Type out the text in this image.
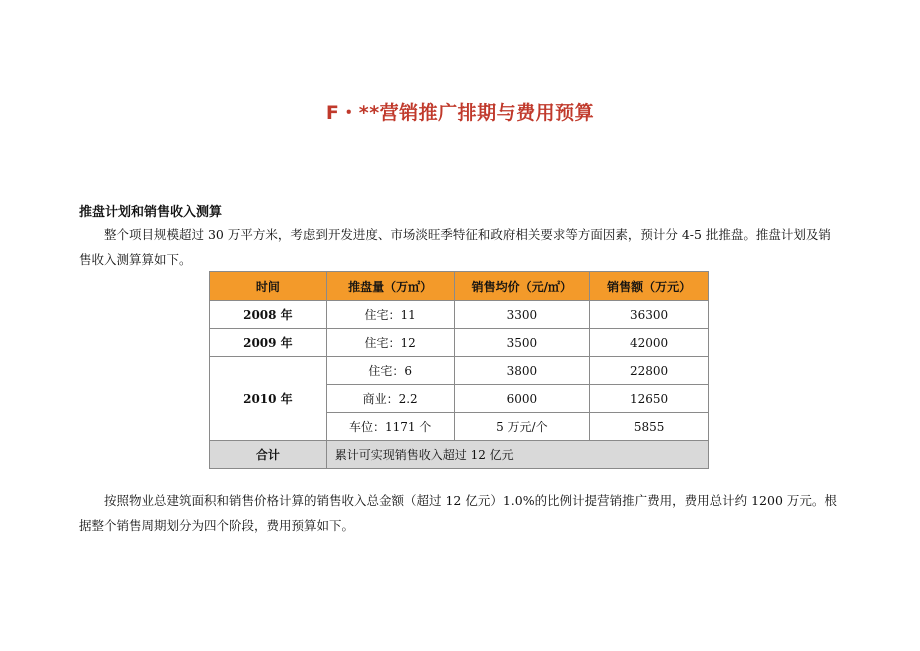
F・**营销推广排期与费用预算
推盘计划和销售收入测算
整个项目规模超过 30 万平方米，考虑到开发进度、市场淡旺季特征和政府相关要求等方面因素，预计分 4-5 批推盘。推盘计划及销售收入测算算如下。
时间	推盘量（万㎡）	销售均价（元/㎡）	销售额（万元）
2008 年	住宅：11	3300	36300
2009 年	住宅：12	3500	42000
2010 年	住宅：6	3800	22800
	商业：2.2	6000	12650
	车位：1171 个	5 万元/个	5855
合计	累计可实现销售收入超过 12 亿元		
按照物业总建筑面积和销售价格计算的销售收入总金额（超过 12 亿元）1.0%的比例计提营销推广费用，费用总计约 1200 万元。根据整个销售周期划分为四个阶段，费用预算如下。
